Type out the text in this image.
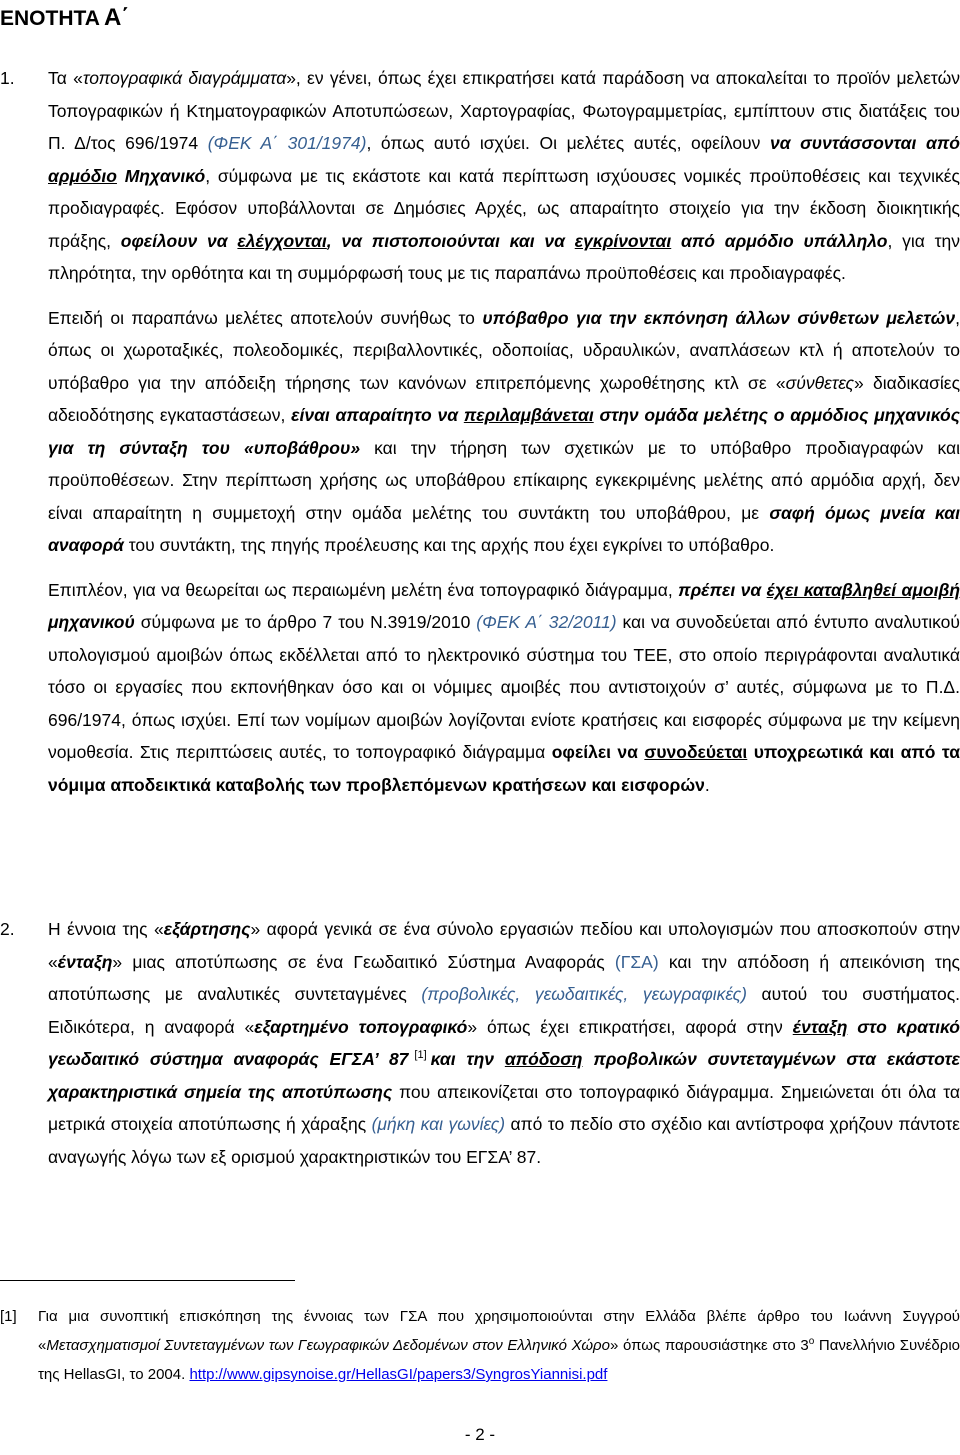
ΕΝΟΤΗΤΑ Α΄
1. Τα «τοπογραφικά διαγράμματα», εν γένει, όπως έχει επικρατήσει κατά παράδοση να αποκαλείται το προϊόν μελετών Τοπογραφικών ή Κτηματογραφικών Αποτυπώσεων, Χαρτογραφίας, Φωτογραμμετρίας, εμπίπτουν στις διατάξεις του Π. Δ/τος 696/1974 (ΦΕΚ Α΄ 301/1974), όπως αυτό ισχύει. Οι μελέτες αυτές, οφείλουν να συντάσσονται από αρμόδιο Μηχανικό, σύμφωνα με τις εκάστοτε και κατά περίπτωση ισχύουσες νομικές προϋποθέσεις και τεχνικές προδιαγραφές. Εφόσον υποβάλλονται σε Δημόσιες Αρχές, ως απαραίτητο στοιχείο για την έκδοση διοικητικής πράξης, οφείλουν να ελέγχονται, να πιστοποιούνται και να εγκρίνονται από αρμόδιο υπάλληλο, για την πληρότητα, την ορθότητα και τη συμμόρφωσή τους με τις παραπάνω προϋποθέσεις και προδιαγραφές.

Επειδή οι παραπάνω μελέτες αποτελούν συνήθως το υπόβαθρο για την εκπόνηση άλλων σύνθετων μελετών, όπως οι χωροταξικές, πολεοδομικές, περιβαλλοντικές, οδοποιίας, υδραυλικών, αναπλάσεων κτλ ή αποτελούν το υπόβαθρο για την απόδειξη τήρησης των κανόνων επιτρεπόμενης χωροθέτησης κτλ σε «σύνθετες» διαδικασίες αδειοδότησης εγκαταστάσεων, είναι απαραίτητο να περιλαμβάνεται στην ομάδα μελέτης ο αρμόδιος μηχανικός για τη σύνταξη του «υποβάθρου» και την τήρηση των σχετικών με το υπόβαθρο προδιαγραφών και προϋποθέσεων. Στην περίπτωση χρήσης ως υποβάθρου επίκαιρης εγκεκριμένης μελέτης από αρμόδια αρχή, δεν είναι απαραίτητη η συμμετοχή στην ομάδα μελέτης του συντάκτη του υποβάθρου, με σαφή όμως μνεία και αναφορά του συντάκτη, της πηγής προέλευσης και της αρχής που έχει εγκρίνει το υπόβαθρο.

Επιπλέον, για να θεωρείται ως περαιωμένη μελέτη ένα τοπογραφικό διάγραμμα, πρέπει να έχει καταβληθεί αμοιβή μηχανικού σύμφωνα με το άρθρο 7 του Ν.3919/2010 (ΦΕΚ Α΄ 32/2011) και να συνοδεύεται από έντυπο αναλυτικού υπολογισμού αμοιβών όπως εκδέλλεται από το ηλεκτρονικό σύστημα του ΤΕΕ, στο οποίο περιγράφονται αναλυτικά τόσο οι εργασίες που εκπονήθηκαν όσο και οι νόμιμες αμοιβές που αντιστοιχούν σ’ αυτές, σύμφωνα με το Π.Δ. 696/1974, όπως ισχύει. Επί των νομίμων αμοιβών λογίζονται ενίοτε κρατήσεις και εισφορές σύμφωνα με την κείμενη νομοθεσία. Στις περιπτώσεις αυτές, το τοπογραφικό διάγραμμα οφείλει να συνοδεύεται υποχρεωτικά και από τα νόμιμα αποδεικτικά καταβολής των προβλεπόμενων κρατήσεων και εισφορών.

2. Η έννοια της «εξάρτησης» αφορά γενικά σε ένα σύνολο εργασιών πεδίου και υπολογισμών που αποσκοπούν στην «ένταξη» μιας αποτύπωσης σε ένα Γεωδαιτικό Σύστημα Αναφοράς (ΓΣΑ) και την απόδοση ή απεικόνιση της αποτύπωσης με αναλυτικές συντεταγμένες (προβολικές, γεωδαιτικές, γεωγραφικές) αυτού του συστήματος. Ειδικότερα, η αναφορά «εξαρτημένο τοπογραφικό» όπως έχει επικρατήσει, αφορά στην ένταξη στο κρατικό γεωδαιτικό σύστημα αναφοράς ΕΓΣΑ’ 87 [1] και την απόδοση προβολικών συντεταγμένων στα εκάστοτε χαρακτηριστικά σημεία της αποτύπωσης που απεικονίζεται στο τοπογραφικό διάγραμμα. Σημειώνεται ότι όλα τα μετρικά στοιχεία αποτύπωσης ή χάραξης (μήκη και γωνίες) από το πεδίο στο σχέδιο και αντίστροφα χρήζουν πάντοτε αναγωγής λόγω των εξ ορισμού χαρακτηριστικών του ΕΓΣΑ’ 87.

[1] Για μια συνοπτική επισκόπηση της έννοιας των ΓΣΑ που χρησιμοποιούνται στην Ελλάδα βλέπε άρθρο του Ιωάννη Συγγρού «Μετασχηματισμοί Συντεταγμένων των Γεωγραφικών Δεδομένων στον Ελληνικό Χώρο» όπως παρουσιάστηκε στο $3^o$ Πανελλήνιο Συνέδριο της HellasGI, το 2004. http://www.gipsynoise.gr/HellasGI/papers3/SyngrosYiannisi.pdf
- 2 -
